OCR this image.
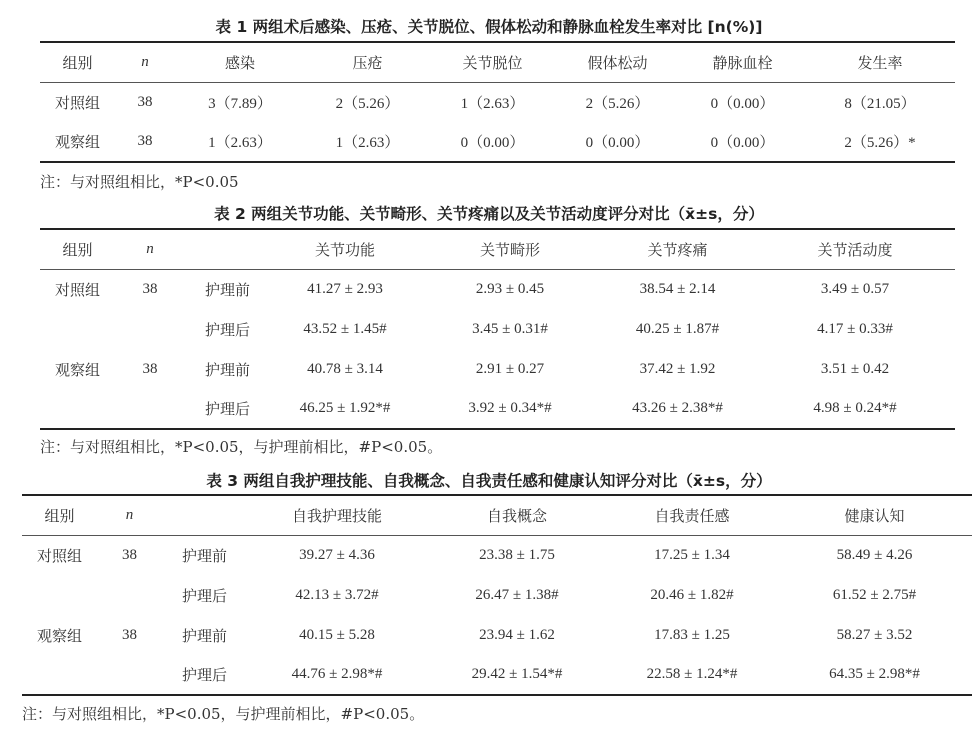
表 1 两组术后感染、压疮、关节脱位、假体松动和静脉血栓发生率对比 [n(%)]
组别	n	感染	压疮	关节脱位	假体松动	静脉血栓	发生率
对照组	38	3（7.89）	2（5.26）	1（2.63）	2（5.26）	0（0.00）	8（21.05）
观察组	38	1（2.63）	1（2.63）	0（0.00）	0（0.00）	0（0.00）	2（5.26）*
注：与对照组相比，*P<0.05
表 2 两组关节功能、关节畸形、关节疼痛以及关节活动度评分对比（x̄±s，分）
组别	n		关节功能	关节畸形	关节疼痛	关节活动度
对照组	38	护理前	41.27 ± 2.93	2.93 ± 0.45	38.54 ± 2.14	3.49 ± 0.57
		护理后	43.52 ± 1.45#	3.45 ± 0.31#	40.25 ± 1.87#	4.17 ± 0.33#
观察组	38	护理前	40.78 ± 3.14	2.91 ± 0.27	37.42 ± 1.92	3.51 ± 0.42
		护理后	46.25 ± 1.92*#	3.92 ± 0.34*#	43.26 ± 2.38*#	4.98 ± 0.24*#
注：与对照组相比，*P<0.05，与护理前相比，#P<0.05。
表 3 两组自我护理技能、自我概念、自我责任感和健康认知评分对比（x̄±s，分）
组别	n		自我护理技能	自我概念	自我责任感	健康认知
对照组	38	护理前	39.27 ± 4.36	23.38 ± 1.75	17.25 ± 1.34	58.49 ± 4.26
		护理后	42.13 ± 3.72#	26.47 ± 1.38#	20.46 ± 1.82#	61.52 ± 2.75#
观察组	38	护理前	40.15 ± 5.28	23.94 ± 1.62	17.83 ± 1.25	58.27 ± 3.52
		护理后	44.76 ± 2.98*#	29.42 ± 1.54*#	22.58 ± 1.24*#	64.35 ± 2.98*#
注：与对照组相比，*P<0.05，与护理前相比，#P<0.05。
